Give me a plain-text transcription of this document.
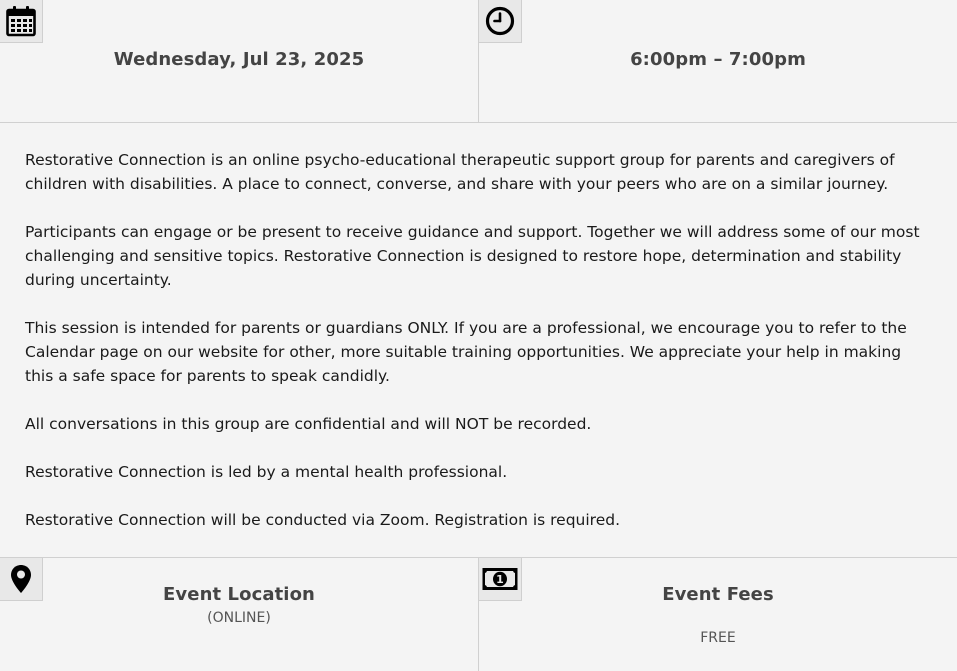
Wednesday, Jul 23, 2025	6:00pm – 7:00pm

Restorative Connection is an online psycho-educational therapeutic support group for parents and caregivers of children with disabilities. A place to connect, converse, and share with your peers who are on a similar journey.

Participants can engage or be present to receive guidance and support. Together we will address some of our most challenging and sensitive topics. Restorative Connection is designed to restore hope, determination and stability during uncertainty.

This session is intended for parents or guardians ONLY. If you are a professional, we encourage you to refer to the Calendar page on our website for other, more suitable training opportunities. We appreciate your help in making this a safe space for parents to speak candidly.

All conversations in this group are confidential and will NOT be recorded.

Restorative Connection is led by a mental health professional.

Restorative Connection will be conducted via Zoom. Registration is required.

Event Location
(ONLINE)
1
Event Fees
FREE
